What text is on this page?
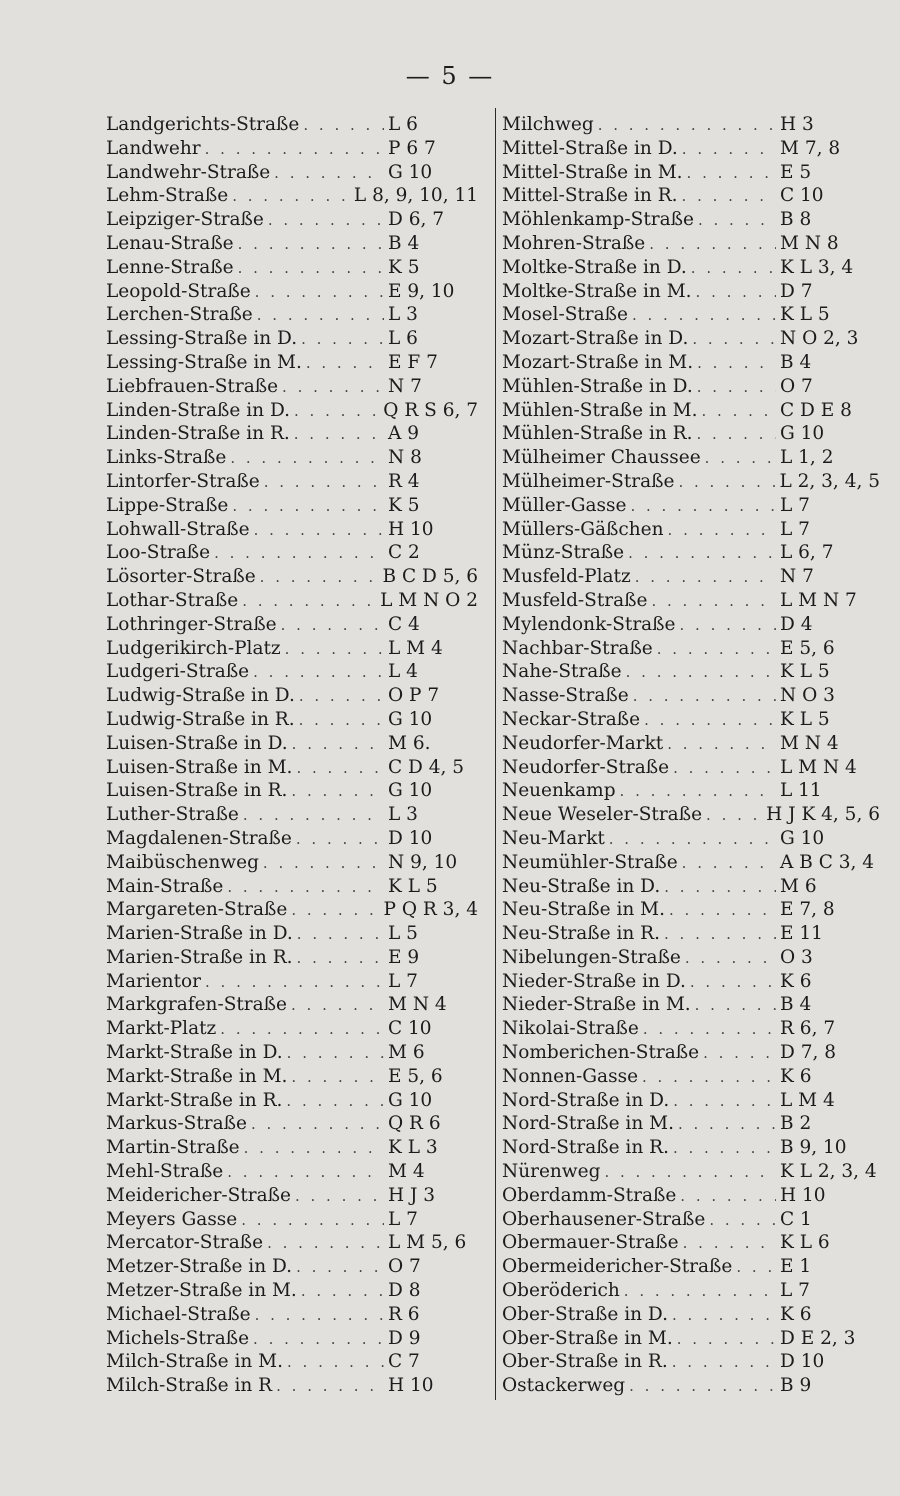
— 5 —
Landgerichts-Straße . . .	L 6
Landwehr . . .	P 6 7
Landwehr-Straße . . .	G 10
Lehm-Straße . . .	L 8, 9, 10, 11
Leipziger-Straße . . .	D 6, 7
Lenau-Straße . . .	B 4
Lenne-Straße . . .	K 5
Leopold-Straße . . .	E 9, 10
Lerchen-Straße . . .	L 3
Lessing-Straße in D. . . .	L 6
Lessing-Straße in M. . . .	E F 7
Liebfrauen-Straße . . .	N 7
Linden-Straße in D. . . .	Q R S 6, 7
Linden-Straße in R. . . .	A 9
Links-Straße . . .	N 8
Lintorfer-Straße . . .	R 4
Lippe-Straße . . .	K 5
Lohwall-Straße . . .	H 10
Loo-Straße . . .	C 2
Lösorter-Straße . . .	B C D 5, 6
Lothar-Straße . . .	L M N O 2
Lothringer-Straße . . .	C 4
Ludgerikirch-Platz . . .	L M 4
Ludgeri-Straße . . .	L 4
Ludwig-Straße in D. . . .	O P 7
Ludwig-Straße in R. . . .	G 10
Luisen-Straße in D. . . .	M 6.
Luisen-Straße in M. . . .	C D 4, 5
Luisen-Straße in R. . . .	G 10
Luther-Straße . . .	L 3
Magdalenen-Straße . . .	D 10
Maibüschenweg . . .	N 9, 10
Main-Straße . . .	K L 5
Margareten-Straße . . .	P Q R 3, 4
Marien-Straße in D. . . .	L 5
Marien-Straße in R. . . .	E 9
Marientor . . .	L 7
Markgrafen-Straße . . .	M N 4
Markt-Platz . . .	C 10
Markt-Straße in D. . . .	M 6
Markt-Straße in M. . . .	E 5, 6
Markt-Straße in R. . . .	G 10
Markus-Straße . . .	Q R 6
Martin-Straße . . .	K L 3
Mehl-Straße . . .	M 4
Meidericher-Straße . . .	H J 3
Meyers Gasse . . .	L 7
Mercator-Straße . . .	L M 5, 6
Metzer-Straße in D. . . .	O 7
Metzer-Straße in M. . . .	D 8
Michael-Straße . . .	R 6
Michels-Straße . . .	D 9
Milch-Straße in M. . . .	C 7
Milch-Straße in R . . .	H 10
Milchweg . . .	H 3
Mittel-Straße in D. . . .	M 7, 8
Mittel-Straße in M. . . .	E 5
Mittel-Straße in R. . . .	C 10
Möhlenkamp-Straße . . .	B 8
Mohren-Straße . . .	M N 8
Moltke-Straße in D. . . .	K L 3, 4
Moltke-Straße in M. . . .	D 7
Mosel-Straße . . .	K L 5
Mozart-Straße in D. . . .	N O 2, 3
Mozart-Straße in M. . . .	B 4
Mühlen-Straße in D. . . .	O 7
Mühlen-Straße in M. . . .	C D E 8
Mühlen-Straße in R. . . .	G 10
Mülheimer Chaussee . . .	L 1, 2
Mülheimer-Straße . . .	L 2, 3, 4, 5
Müller-Gasse . . .	L 7
Müllers-Gäßchen . . .	L 7
Münz-Straße . . .	L 6, 7
Musfeld-Platz . . .	N 7
Musfeld-Straße . . .	L M N 7
Mylendonk-Straße . . .	D 4
Nachbar-Straße . . .	E 5, 6
Nahe-Straße . . .	K L 5
Nasse-Straße . . .	N O 3
Neckar-Straße . . .	K L 5
Neudorfer-Markt . . .	M N 4
Neudorfer-Straße . . .	L M N 4
Neuenkamp . . .	L 11
Neue Weseler-Straße . . .	H J K 4, 5, 6
Neu-Markt . . .	G 10
Neumühler-Straße . . .	A B C 3, 4
Neu-Straße in D. . . .	M 6
Neu-Straße in M. . . .	E 7, 8
Neu-Straße in R. . . .	E 11
Nibelungen-Straße . . .	O 3
Nieder-Straße in D. . . .	K 6
Nieder-Straße in M. . . .	B 4
Nikolai-Straße . . .	R 6, 7
Nomberichen-Straße . . .	D 7, 8
Nonnen-Gasse . . .	K 6
Nord-Straße in D. . . .	L M 4
Nord-Straße in M. . . .	B 2
Nord-Straße in R. . . .	B 9, 10
Nürenweg . . .	K L 2, 3, 4
Oberdamm-Straße . . .	H 10
Oberhausener-Straße . . .	C 1
Obermauer-Straße . . .	K L 6
Obermeidericher-Straße . . .	E 1
Oberöderich . . .	L 7
Ober-Straße in D. . . .	K 6
Ober-Straße in M. . . .	D E 2, 3
Ober-Straße in R. . . .	D 10
Ostackerweg . . .	B 9
